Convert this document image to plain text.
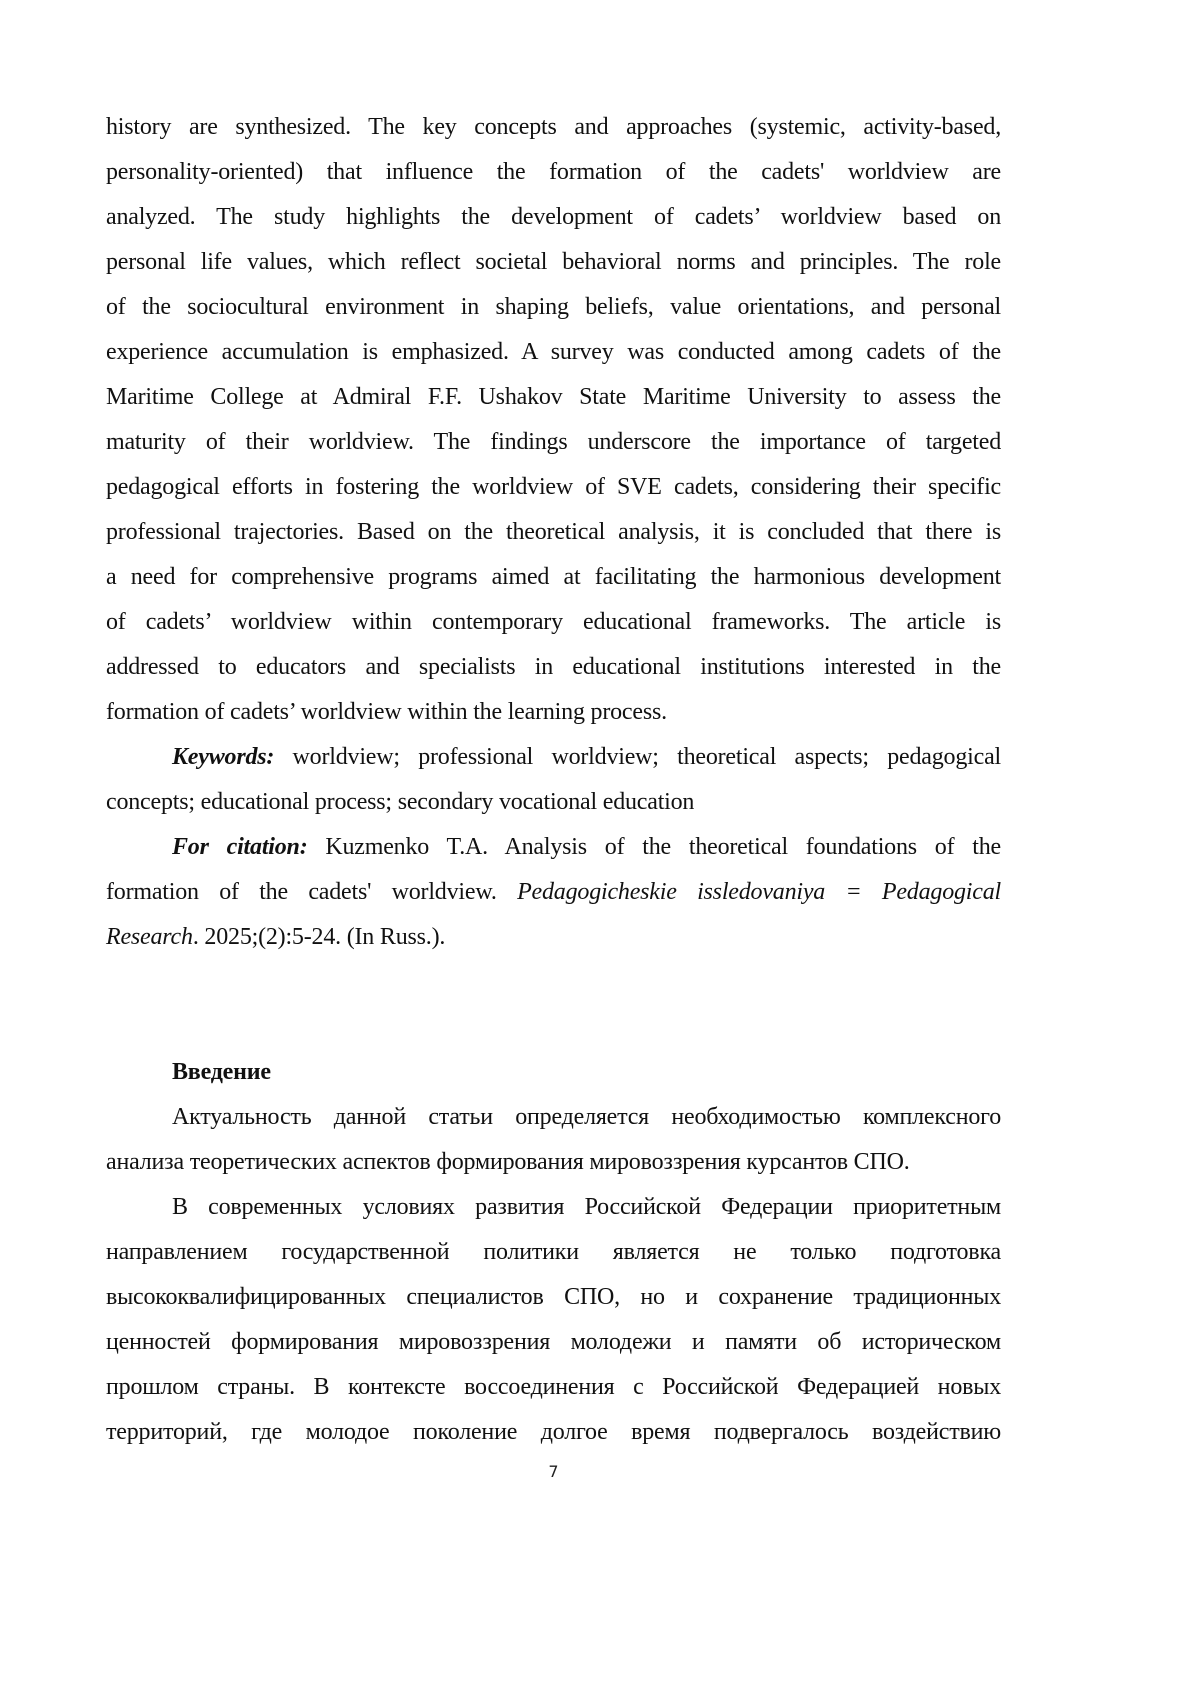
history are synthesized. The key concepts and approaches (systemic, activity-based,
personality-oriented) that influence the formation of the cadets' worldview are
analyzed. The study highlights the development of cadets’ worldview based on
personal life values, which reflect societal behavioral norms and principles. The role
of the sociocultural environment in shaping beliefs, value orientations, and personal
experience accumulation is emphasized. A survey was conducted among cadets of the
Maritime College at Admiral F.F. Ushakov State Maritime University to assess the
maturity of their worldview. The findings underscore the importance of targeted
pedagogical efforts in fostering the worldview of SVE cadets, considering their specific
professional trajectories. Based on the theoretical analysis, it is concluded that there is
a need for comprehensive programs aimed at facilitating the harmonious development
of cadets’ worldview within contemporary educational frameworks. The article is
addressed to educators and specialists in educational institutions interested in the
formation of cadets’ worldview within the learning process.
Keywords: worldview; professional worldview; theoretical aspects; pedagogical
concepts; educational process; secondary vocational education
For citation: Kuzmenko T.A. Analysis of the theoretical foundations of the
formation of the cadets' worldview. Pedagogicheskie issledovaniya = Pedagogical
Research. 2025;(2):5-24. (In Russ.).
Введение
Актуальность данной статьи определяется необходимостью комплексного
анализа теоретических аспектов формирования мировоззрения курсантов СПО.
В современных условиях развития Российской Федерации приоритетным
направлением государственной политики является не только подготовка
высококвалифицированных специалистов СПО, но и сохранение традиционных
ценностей формирования мировоззрения молодежи и памяти об историческом
прошлом страны. В контексте воссоединения с Российской Федерацией новых
территорий, где молодое поколение долгое время подвергалось воздействию
7
